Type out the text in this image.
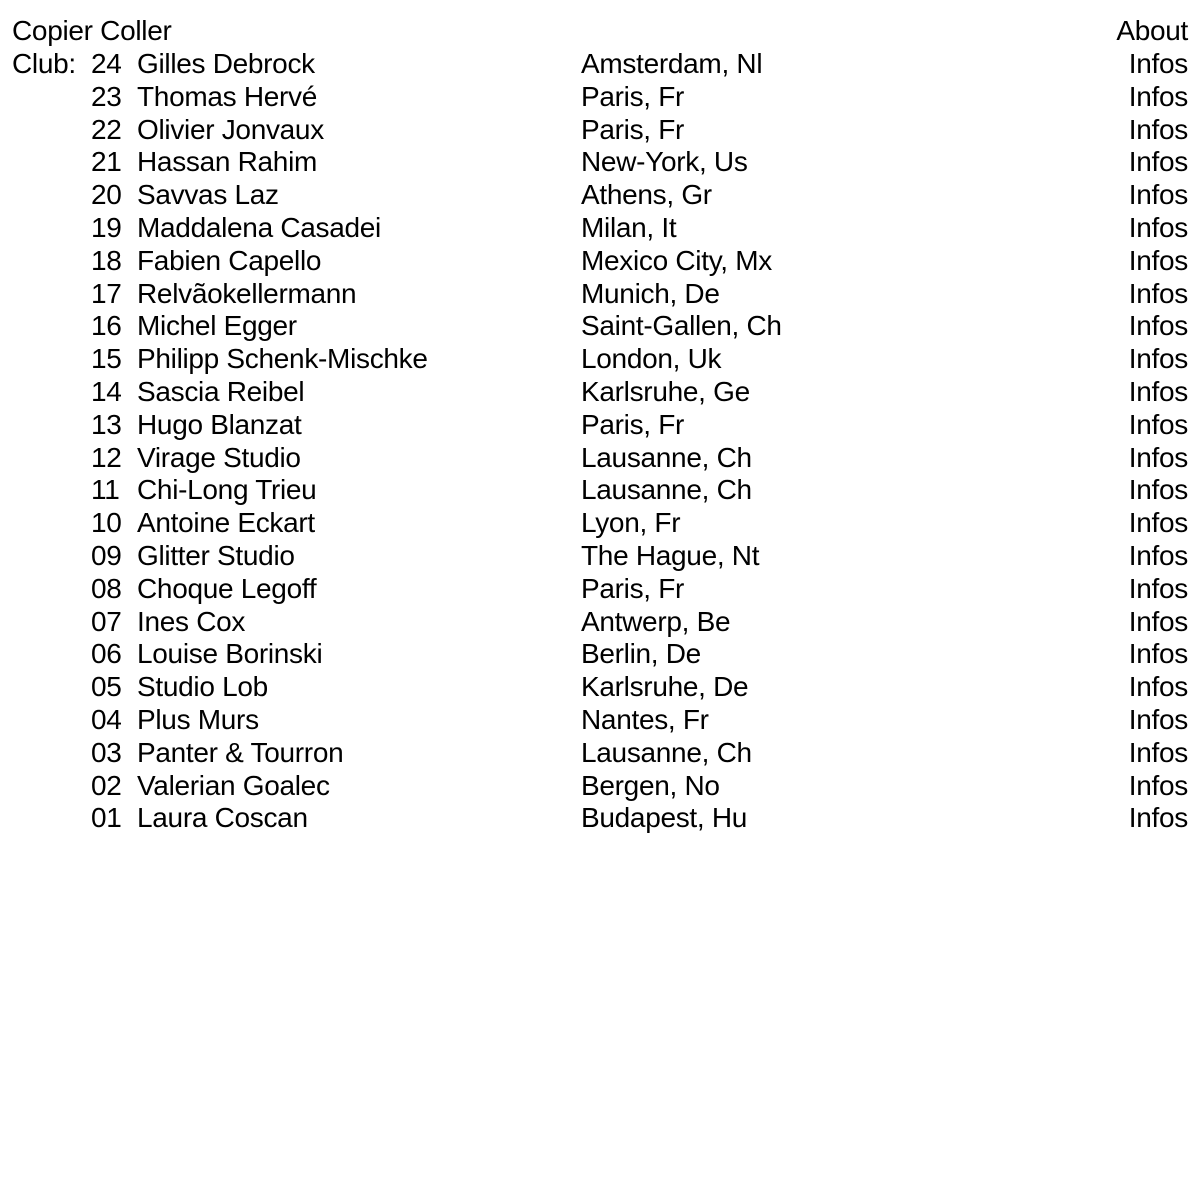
Copier Coller	About
Club: 24 Gilles Debrock	Amsterdam, Nl	Infos
23 Thomas Hervé	Paris, Fr	Infos
22 Olivier Jonvaux	Paris, Fr	Infos
21 Hassan Rahim	New-York, Us	Infos
20 Savvas Laz	Athens, Gr	Infos
19 Maddalena Casadei	Milan, It	Infos
18 Fabien Capello	Mexico City, Mx	Infos
17 Relvãokellermann	Munich, De	Infos
16 Michel Egger	Saint-Gallen, Ch	Infos
15 Philipp Schenk-Mischke	London, Uk	Infos
14 Sascia Reibel	Karlsruhe, Ge	Infos
13 Hugo Blanzat	Paris, Fr	Infos
12 Virage Studio	Lausanne, Ch	Infos
11 Chi-Long Trieu	Lausanne, Ch	Infos
10 Antoine Eckart	Lyon, Fr	Infos
09 Glitter Studio	The Hague, Nt	Infos
08 Choque Legoff	Paris, Fr	Infos
07 Ines Cox	Antwerp, Be	Infos
06 Louise Borinski	Berlin, De	Infos
05 Studio Lob	Karlsruhe, De	Infos
04 Plus Murs	Nantes, Fr	Infos
03 Panter & Tourron	Lausanne, Ch	Infos
02 Valerian Goalec	Bergen, No	Infos
01 Laura Coscan	Budapest, Hu	Infos
